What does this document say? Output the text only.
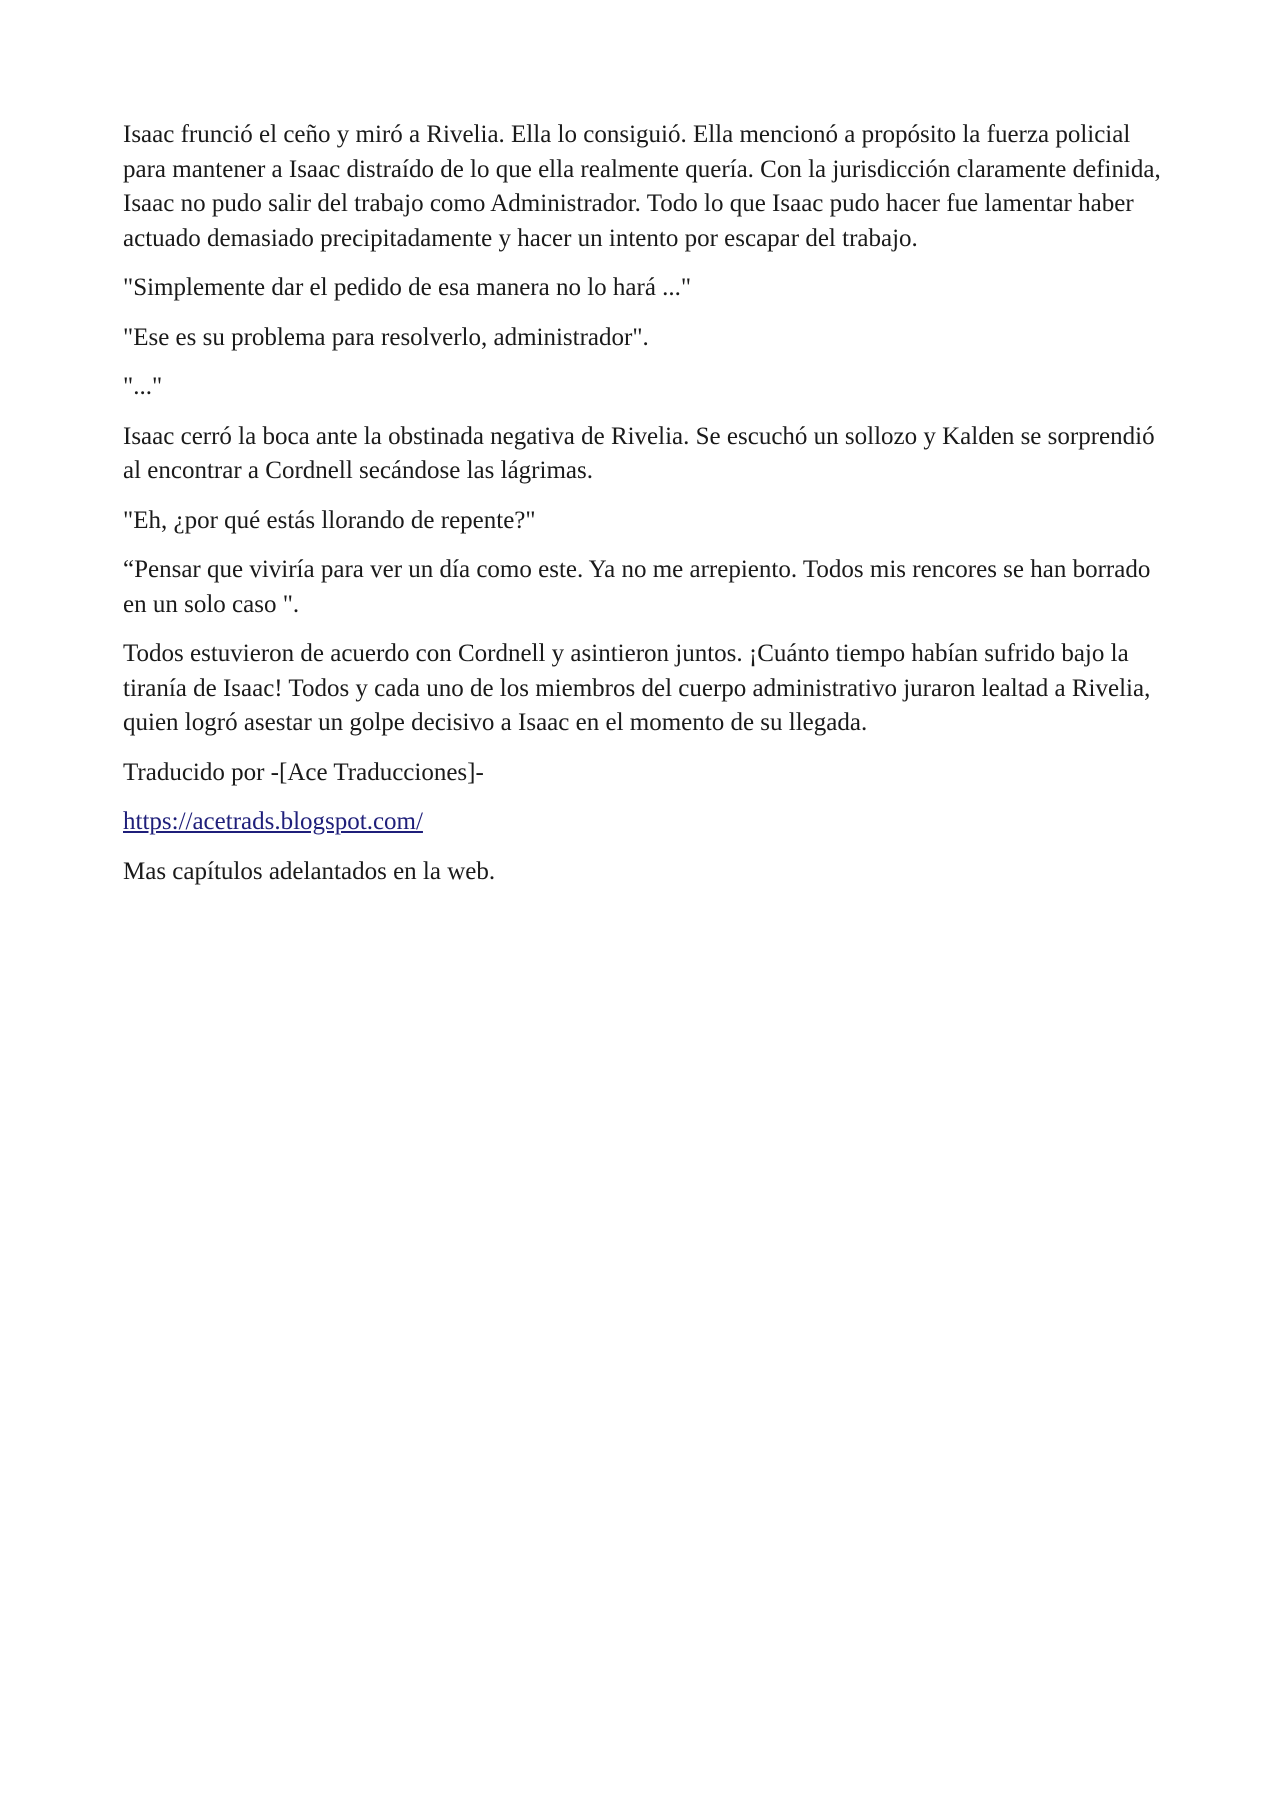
Isaac frunció el ceño y miró a Rivelia. Ella lo consiguió. Ella mencionó a propósito la fuerza policial para mantener a Isaac distraído de lo que ella realmente quería. Con la jurisdicción claramente definida, Isaac no pudo salir del trabajo como Administrador. Todo lo que Isaac pudo hacer fue lamentar haber actuado demasiado precipitadamente y hacer un intento por escapar del trabajo.

"Simplemente dar el pedido de esa manera no lo hará ..."

"Ese es su problema para resolverlo, administrador".

"..."

Isaac cerró la boca ante la obstinada negativa de Rivelia. Se escuchó un sollozo y Kalden se sorprendió al encontrar a Cordnell secándose las lágrimas.

"Eh, ¿por qué estás llorando de repente?"

“Pensar que viviría para ver un día como este. Ya no me arrepiento. Todos mis rencores se han borrado en un solo caso ".

Todos estuvieron de acuerdo con Cordnell y asintieron juntos. ¡Cuánto tiempo habían sufrido bajo la tiranía de Isaac! Todos y cada uno de los miembros del cuerpo administrativo juraron lealtad a Rivelia, quien logró asestar un golpe decisivo a Isaac en el momento de su llegada.

Traducido por -[Ace Traducciones]-

https://acetrads.blogspot.com/

Mas capítulos adelantados en la web.
